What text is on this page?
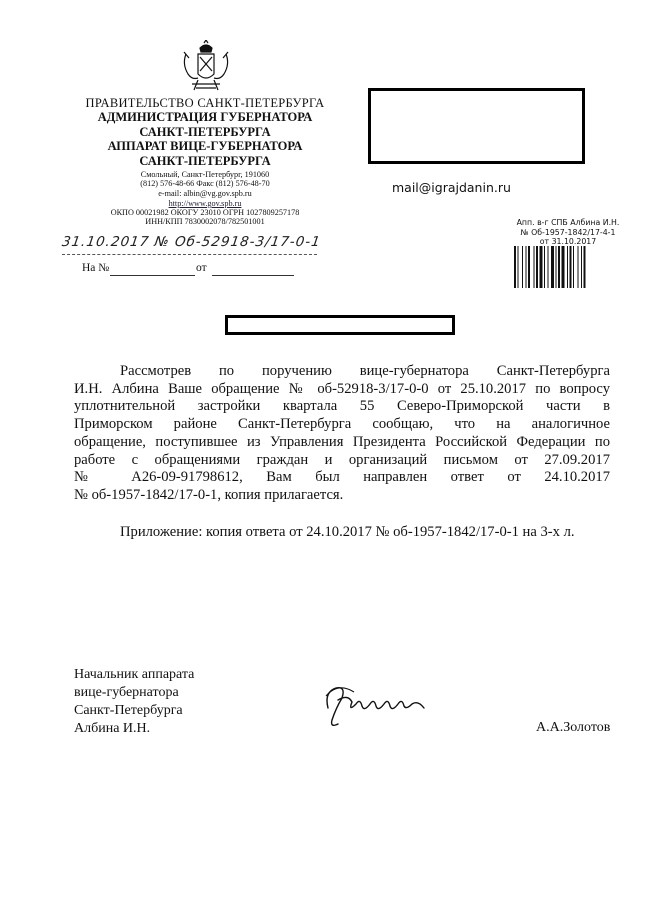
ПРАВИТЕЛЬСТВО САНКТ-ПЕТЕРБУРГА
АДМИНИСТРАЦИЯ ГУБЕРНАТОРА
САНКТ-ПЕТЕРБУРГА
АППАРАТ ВИЦЕ-ГУБЕРНАТОРА
САНКТ-ПЕТЕРБУРГА
Смольный, Санкт-Петербург, 191060
(812) 576-48-66 Факс (812) 576-48-70
e-mail: albin@vg.gov.spb.ru
http://www.gov.spb.ru
ОКПО 00021982 ОКОГУ 23010 ОГРН 1027809257178
ИНН/КПП 7830002078/782501001
31.10.2017 № Об-52918-3/17-0-1
На №	от
mail@igrajdanin.ru
Апп. в-г СПБ Албина И.Н.
№ Об-1957-1842/17-4-1
от 31.10.2017
Рассмотрев по поручению вице-губернатора Санкт-Петербурга
И.Н. Албина Ваше обращение № об-52918-3/17-0-0 от 25.10.2017 по вопросу
уплотнительной застройки квартала 55 Северо-Приморской части в
Приморском районе Санкт-Петербурга сообщаю, что на аналогичное
обращение, поступившее из Управления Президента Российской Федерации по
работе с обращениями граждан и организаций письмом от 27.09.2017
№ А26-09-91798612, Вам был направлен ответ от 24.10.2017
№ об-1957-1842/17-0-1, копия прилагается.
Приложение: копия ответа от 24.10.2017 № об-1957-1842/17-0-1 на 3-х л.
Начальник аппарата
вице-губернатора
Санкт-Петербурга
Албина И.Н.	А.А.Золотов
